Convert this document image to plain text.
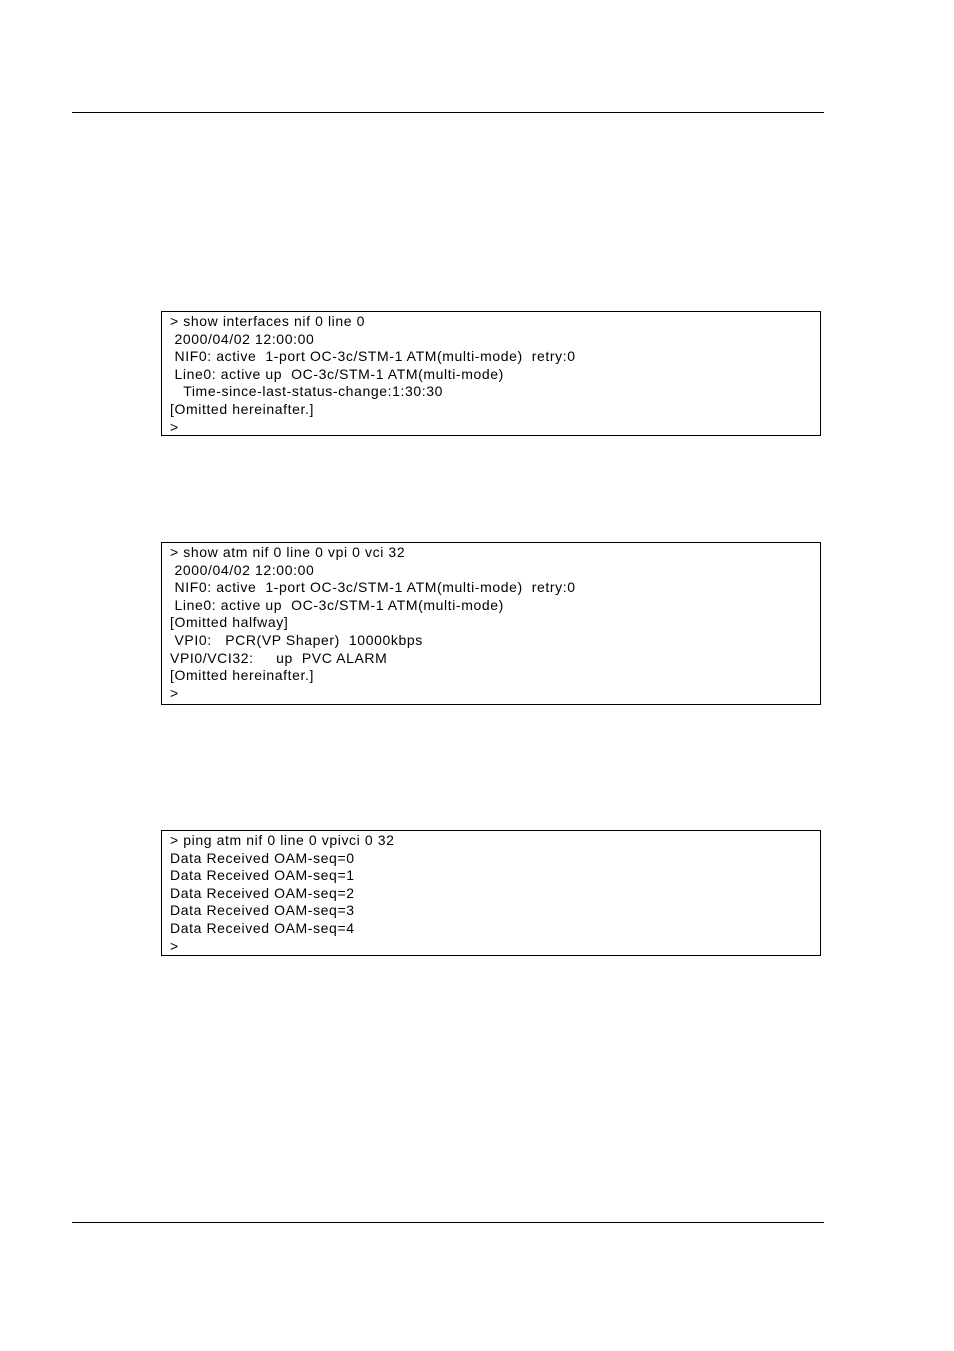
> show interfaces nif 0 line 0
2000/04/02 12:00:00
NIF0: active  1-port OC-3c/STM-1 ATM(multi-mode)  retry:0
Line0: active up  OC-3c/STM-1 ATM(multi-mode)
Time-since-last-status-change:1:30:30
[Omitted hereinafter.]
>
> show atm nif 0 line 0 vpi 0 vci 32
2000/04/02 12:00:00
NIF0: active  1-port OC-3c/STM-1 ATM(multi-mode)  retry:0
Line0: active up  OC-3c/STM-1 ATM(multi-mode)
[Omitted halfway]
VPI0:   PCR(VP Shaper)  10000kbps
VPI0/VCI32:     up  PVC ALARM
[Omitted hereinafter.]
>
> ping atm nif 0 line 0 vpivci 0 32
Data Received OAM-seq=0
Data Received OAM-seq=1
Data Received OAM-seq=2
Data Received OAM-seq=3
Data Received OAM-seq=4
>
